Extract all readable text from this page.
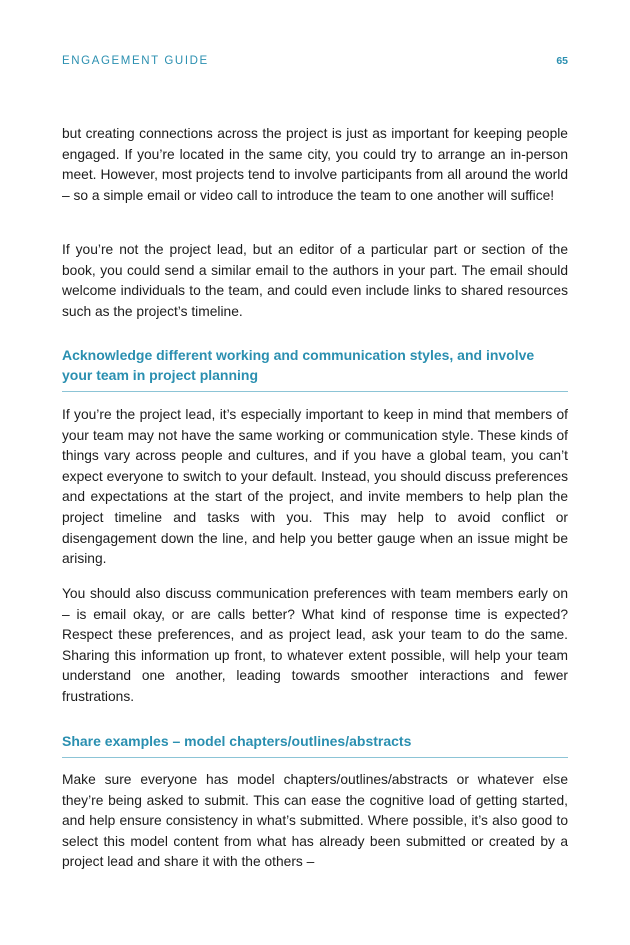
ENGAGEMENT GUIDE	65

but creating connections across the project is just as important for keeping people engaged. If you’re located in the same city, you could try to arrange an in-person meet. However, most projects tend to involve participants from all around the world – so a simple email or video call to introduce the team to one another will suffice!

If you’re not the project lead, but an editor of a particular part or section of the book, you could send a similar email to the authors in your part. The email should welcome individuals to the team, and could even include links to shared resources such as the project’s timeline.

Acknowledge different working and communication styles, and involve your team in project planning

If you’re the project lead, it’s especially important to keep in mind that members of your team may not have the same working or communication style. These kinds of things vary across people and cultures, and if you have a global team, you can’t expect everyone to switch to your default. Instead, you should discuss preferences and expectations at the start of the project, and invite members to help plan the project timeline and tasks with you. This may help to avoid conflict or disengagement down the line, and help you better gauge when an issue might be arising.

You should also discuss communication preferences with team members early on – is email okay, or are calls better? What kind of response time is expected? Respect these preferences, and as project lead, ask your team to do the same. Sharing this information up front, to whatever extent possible, will help your team understand one another, leading towards smoother interactions and fewer frustrations.

Share examples – model chapters/outlines/abstracts

Make sure everyone has model chapters/outlines/abstracts or whatever else they’re being asked to submit. This can ease the cognitive load of getting started, and help ensure consistency in what’s submitted. Where possible, it’s also good to select this model content from what has already been submitted or created by a project lead and share it with the others –
